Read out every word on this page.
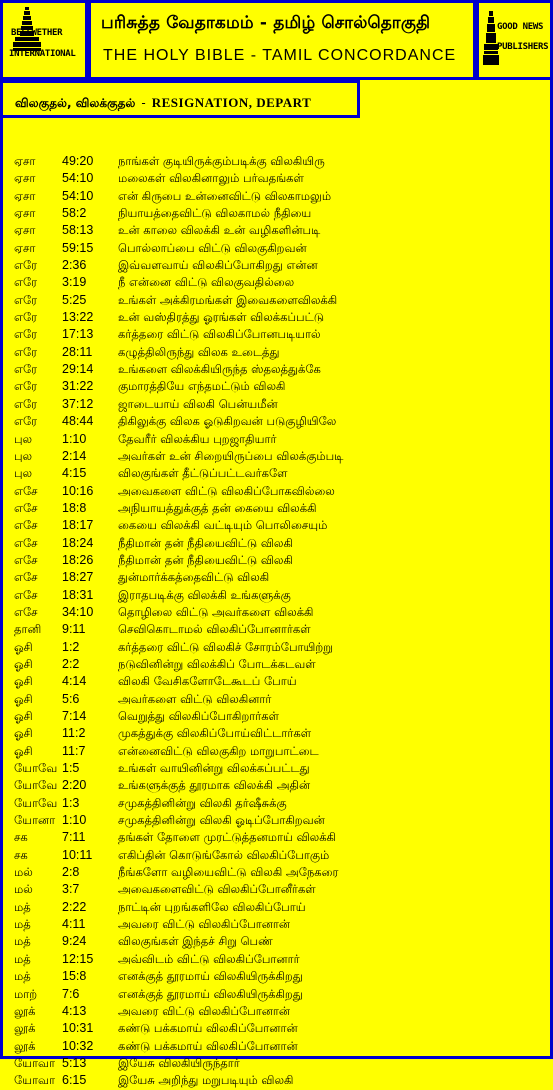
BELLWETHER
INTERNATIONAL
பரிசுத்த வேதாகமம் - தமிழ் சொல்தொகுதி
THE HOLY BIBLE - TAMIL CONCORDANCE
GOOD NEWS
PUBLISHERS
விலகுதல், விலக்குதல் - RESIGNATION, DEPART
ஏசா	49:20	நாங்கள் குடியிருக்கும்படிக்கு விலகியிரு
ஏசா	54:10	மலைகள் விலகினாலும் பர்வதங்கள்
ஏசா	54:10	என் கிருபை உன்னைவிட்டு விலகாமலும்
ஏசா	58:2	நியாயத்தைவிட்டு விலகாமல் நீதியை
ஏசா	58:13	உன் காலை விலக்கி உன் வழிகளின்படி
ஏசா	59:15	பொல்லாப்பை விட்டு விலகுகிறவன்
எரே	2:36	இவ்வளவாய் விலகிப்போகிறது என்ன
எரே	3:19	நீ என்னை விட்டு விலகுவதில்லை
எரே	5:25	உங்கள் அக்கிரமங்கள் இவைகளைவிலக்கி
எரே	13:22	உன் வஸ்திரத்து ஓரங்கள் விலக்கப்பட்டு
எரே	17:13	கர்த்தரை விட்டு விலகிப்போனபடியால்
எரே	28:11	கழுத்திலிருந்து விலக உடைத்து
எரே	29:14	உங்களை விலக்கியிருந்த ஸ்தலத்துக்கே
எரே	31:22	குமாரத்தியே எந்தமட்டும் விலகி
எரே	37:12	ஜாடையாய் விலகி பென்யமீன்
எரே	48:44	திகிலுக்கு விலக ஓடுகிறவன் படுகுழியிலே
புல	1:10	தேவரீர் விலக்கிய புறஜாதியார்
புல	2:14	அவர்கள் உன் சிறையிருப்பை விலக்கும்படி
புல	4:15	விலகுங்கள் தீட்டுப்பட்டவர்களே
எசே	10:16	அவைகளை விட்டு விலகிப்போகவில்லை
எசே	18:8	அநியாயத்துக்குத் தன் கையை விலக்கி
எசே	18:17	கையை விலக்கி வட்டியும் பொலிசையும்
எசே	18:24	நீதிமான் தன் நீதியைவிட்டு விலகி
எசே	18:26	நீதிமான் தன் நீதியைவிட்டு விலகி
எசே	18:27	துன்மார்க்கத்தைவிட்டு விலகி
எசே	18:31	இராதபடிக்கு விலக்கி உங்களுக்கு
எசே	34:10	தொழிலை விட்டு அவர்களை விலக்கி
தானி	9:11	செவிகொடாமல் விலகிப்போனார்கள்
ஓசி	1:2	கர்த்தரை விட்டு விலகிச் சோரம்போயிற்று
ஓசி	2:2	நடுவினின்று விலக்கிப் போடக்கடவள்
ஓசி	4:14	விலகி வேசிகளோடேகூடப் போய்
ஓசி	5:6	அவர்களை விட்டு விலகினார்
ஓசி	7:14	வெறுத்து விலகிப்போகிறார்கள்
ஓசி	11:2	முகத்துக்கு விலகிப்போய்விட்டார்கள்
ஓசி	11:7	என்னைவிட்டு விலகுகிற மாறுபாட்டை
யோவே 1:5	உங்கள் வாயினின்று விலக்கப்பட்டது
யோவே 2:20	உங்களுக்குத் தூரமாக விலக்கி அதின்
யோவே 1:3	சமுகத்தினின்று விலகி தர்ஷீசுக்கு
யோனா 1:10	சமுகத்தினின்று விலகி ஓடிப்போகிறவன்
சக	7:11	தங்கள் தோளை முரட்டுத்தனமாய் விலக்கி
சக	10:11	எகிப்தின் கொடுங்கோல் விலகிப்போகும்
மல்	2:8	நீங்களோ வழியைவிட்டு விலகி அநேகரை
மல்	3:7	அவைகளைவிட்டு விலகிப்போனீர்கள்
மத்	2:22	நாட்டின் புறங்களிலே விலகிப்போய்
மத்	4:11	அவரை விட்டு விலகிப்போனான்
மத்	9:24	விலகுங்கள் இந்தச் சிறு பெண்
மத்	12:15	அவ்விடம் விட்டு விலகிப்போனார்
மத்	15:8	எனக்குத் தூரமாய் விலகியிருக்கிறது
மாற்	7:6	எனக்குத் தூரமாய் விலகியிருக்கிறது
லூக்	4:13	அவரை விட்டு விலகிப்போனான்
லூக்	10:31	கண்டு பக்கமாய் விலகிப்போனான்
லூக்	10:32	கண்டு பக்கமாய் விலகிப்போனான்
யோவா 5:13	இயேசு விலகியிருந்தார்
யோவா 6:15	இயேசு அறிந்து மறுபடியும் விலகி
